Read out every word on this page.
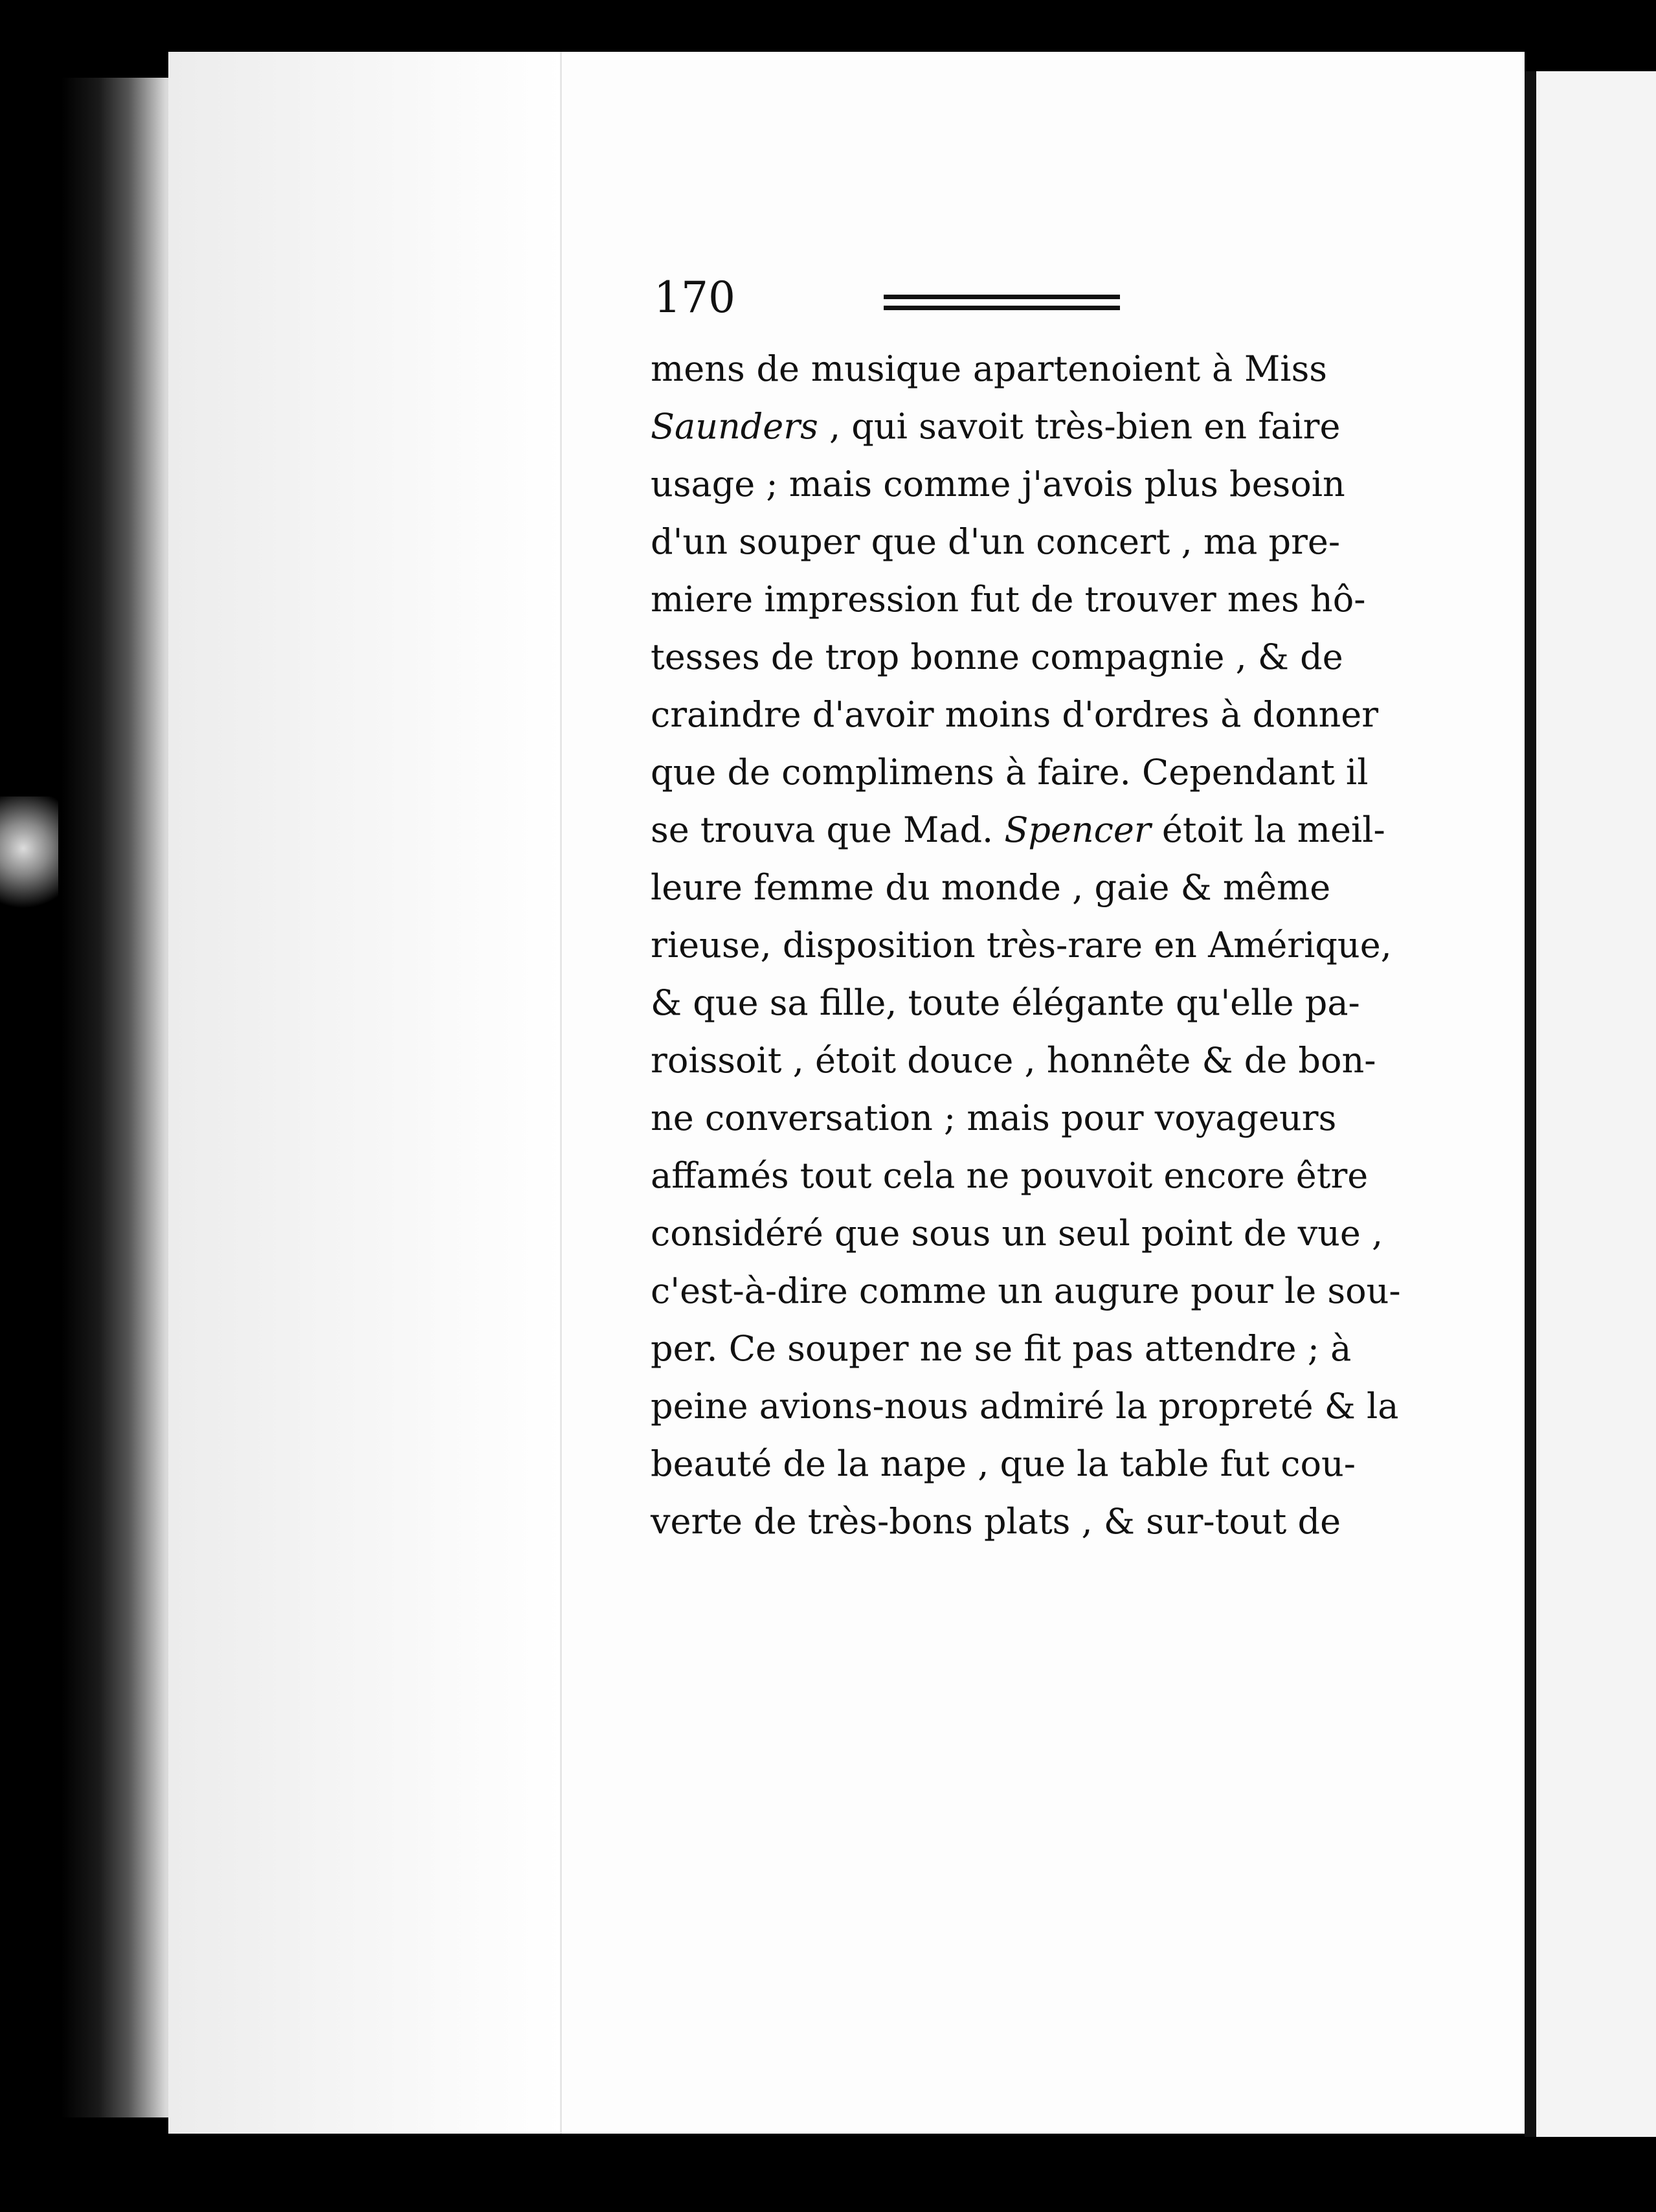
170
mens de musique apartenoient à Miss
Saunders , qui savoit très-bien en faire
usage ; mais comme j'avois plus besoin
d'un souper que d'un concert , ma pre-
miere impression fut de trouver mes hô-
tesses de trop bonne compagnie , & de
craindre d'avoir moins d'ordres à donner
que de complimens à faire. Cependant il
se trouva que Mad. Spencer étoit la meil-
leure femme du monde , gaie & même
rieuse, disposition très-rare en Amérique,
& que sa fille, toute élégante qu'elle pa-
roissoit , étoit douce , honnête & de bon-
ne conversation ; mais pour voyageurs
affamés tout cela ne pouvoit encore être
considéré que sous un seul point de vue ,
c'est-à-dire comme un augure pour le sou-
per. Ce souper ne se fit pas attendre ; à
peine avions-nous admiré la propreté & la
beauté de la nape , que la table fut cou-
verte de très-bons plats , & sur-tout de
